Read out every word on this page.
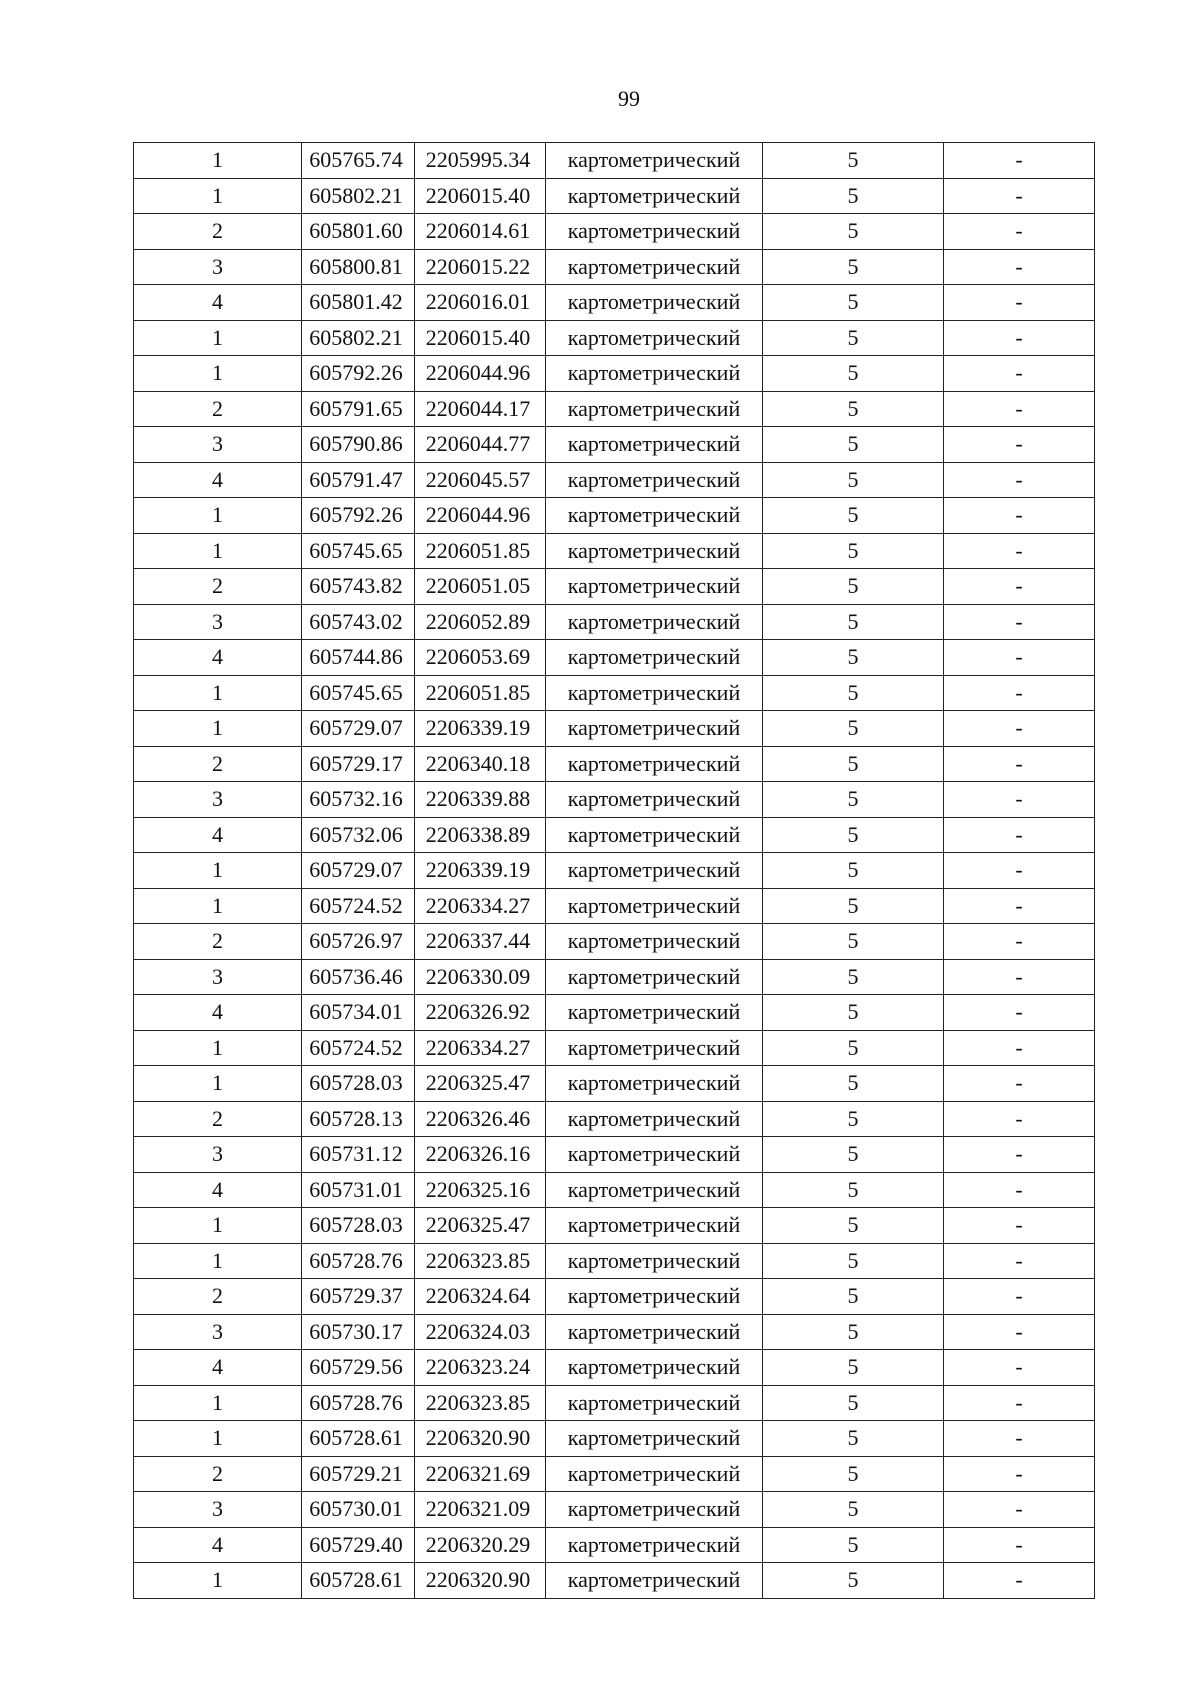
99
1	605765.74	2205995.34	картометрический	5	-
1	605802.21	2206015.40	картометрический	5	-
2	605801.60	2206014.61	картометрический	5	-
3	605800.81	2206015.22	картометрический	5	-
4	605801.42	2206016.01	картометрический	5	-
1	605802.21	2206015.40	картометрический	5	-
1	605792.26	2206044.96	картометрический	5	-
2	605791.65	2206044.17	картометрический	5	-
3	605790.86	2206044.77	картометрический	5	-
4	605791.47	2206045.57	картометрический	5	-
1	605792.26	2206044.96	картометрический	5	-
1	605745.65	2206051.85	картометрический	5	-
2	605743.82	2206051.05	картометрический	5	-
3	605743.02	2206052.89	картометрический	5	-
4	605744.86	2206053.69	картометрический	5	-
1	605745.65	2206051.85	картометрический	5	-
1	605729.07	2206339.19	картометрический	5	-
2	605729.17	2206340.18	картометрический	5	-
3	605732.16	2206339.88	картометрический	5	-
4	605732.06	2206338.89	картометрический	5	-
1	605729.07	2206339.19	картометрический	5	-
1	605724.52	2206334.27	картометрический	5	-
2	605726.97	2206337.44	картометрический	5	-
3	605736.46	2206330.09	картометрический	5	-
4	605734.01	2206326.92	картометрический	5	-
1	605724.52	2206334.27	картометрический	5	-
1	605728.03	2206325.47	картометрический	5	-
2	605728.13	2206326.46	картометрический	5	-
3	605731.12	2206326.16	картометрический	5	-
4	605731.01	2206325.16	картометрический	5	-
1	605728.03	2206325.47	картометрический	5	-
1	605728.76	2206323.85	картометрический	5	-
2	605729.37	2206324.64	картометрический	5	-
3	605730.17	2206324.03	картометрический	5	-
4	605729.56	2206323.24	картометрический	5	-
1	605728.76	2206323.85	картометрический	5	-
1	605728.61	2206320.90	картометрический	5	-
2	605729.21	2206321.69	картометрический	5	-
3	605730.01	2206321.09	картометрический	5	-
4	605729.40	2206320.29	картометрический	5	-
1	605728.61	2206320.90	картометрический	5	-
